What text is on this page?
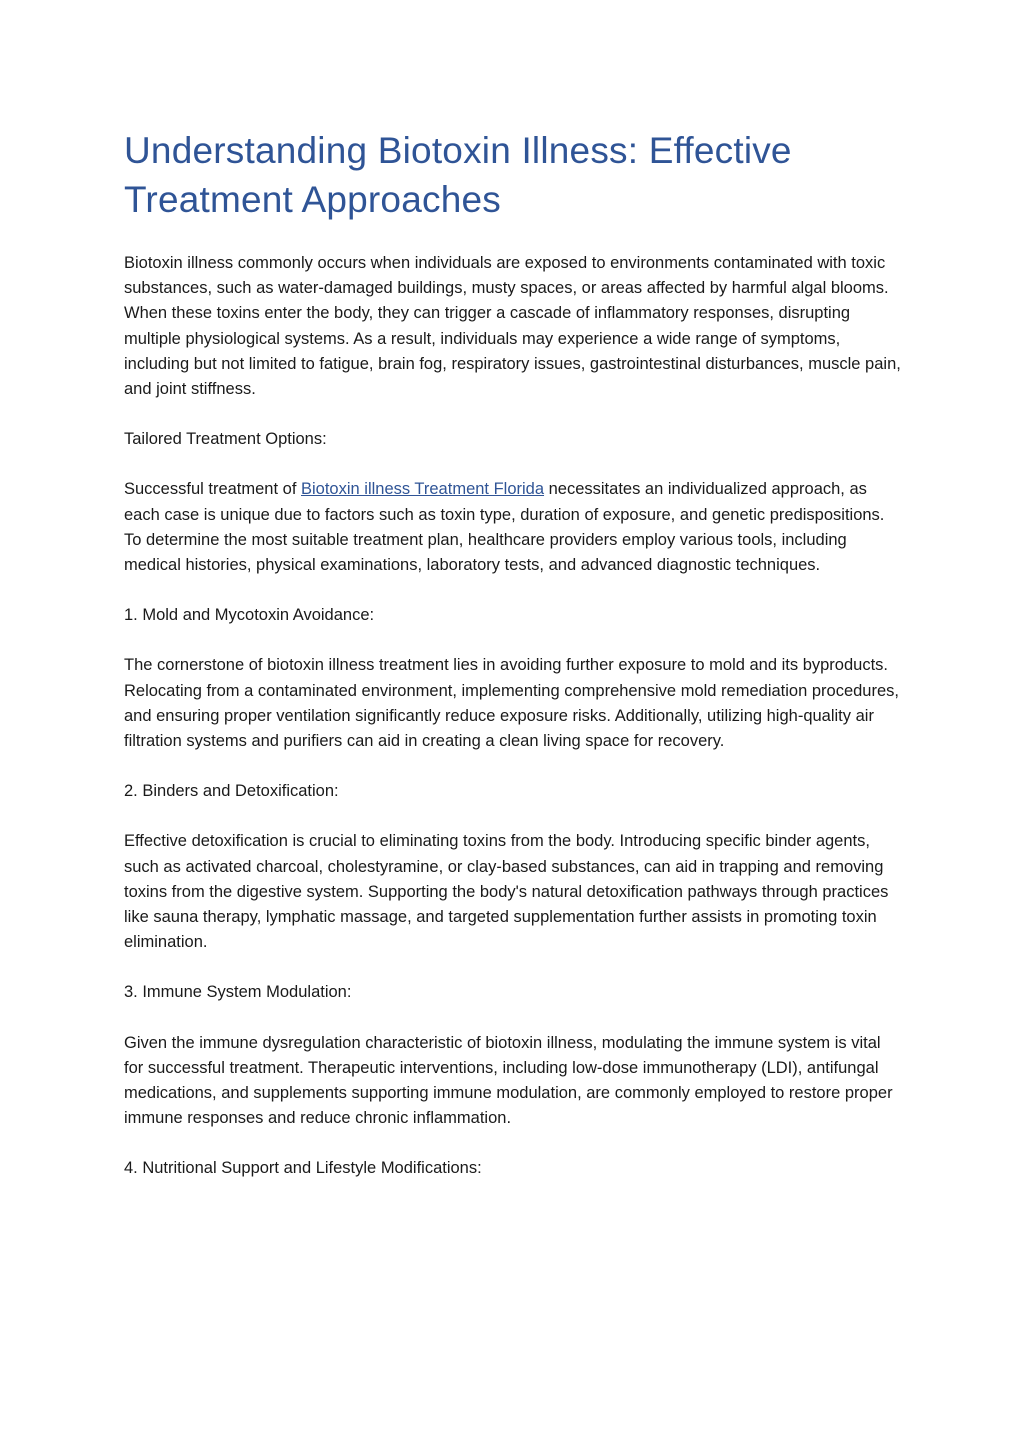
Understanding Biotoxin Illness: Effective Treatment Approaches

Biotoxin illness commonly occurs when individuals are exposed to environments contaminated with toxic substances, such as water-damaged buildings, musty spaces, or areas affected by harmful algal blooms. When these toxins enter the body, they can trigger a cascade of inflammatory responses, disrupting multiple physiological systems. As a result, individuals may experience a wide range of symptoms, including but not limited to fatigue, brain fog, respiratory issues, gastrointestinal disturbances, muscle pain, and joint stiffness.

Tailored Treatment Options:

Successful treatment of Biotoxin illness Treatment Florida necessitates an individualized approach, as each case is unique due to factors such as toxin type, duration of exposure, and genetic predispositions. To determine the most suitable treatment plan, healthcare providers employ various tools, including medical histories, physical examinations, laboratory tests, and advanced diagnostic techniques.

1. Mold and Mycotoxin Avoidance:

The cornerstone of biotoxin illness treatment lies in avoiding further exposure to mold and its byproducts. Relocating from a contaminated environment, implementing comprehensive mold remediation procedures, and ensuring proper ventilation significantly reduce exposure risks. Additionally, utilizing high-quality air filtration systems and purifiers can aid in creating a clean living space for recovery.

2. Binders and Detoxification:

Effective detoxification is crucial to eliminating toxins from the body. Introducing specific binder agents, such as activated charcoal, cholestyramine, or clay-based substances, can aid in trapping and removing toxins from the digestive system. Supporting the body's natural detoxification pathways through practices like sauna therapy, lymphatic massage, and targeted supplementation further assists in promoting toxin elimination.

3. Immune System Modulation:

Given the immune dysregulation characteristic of biotoxin illness, modulating the immune system is vital for successful treatment. Therapeutic interventions, including low-dose immunotherapy (LDI), antifungal medications, and supplements supporting immune modulation, are commonly employed to restore proper immune responses and reduce chronic inflammation.

4. Nutritional Support and Lifestyle Modifications:
